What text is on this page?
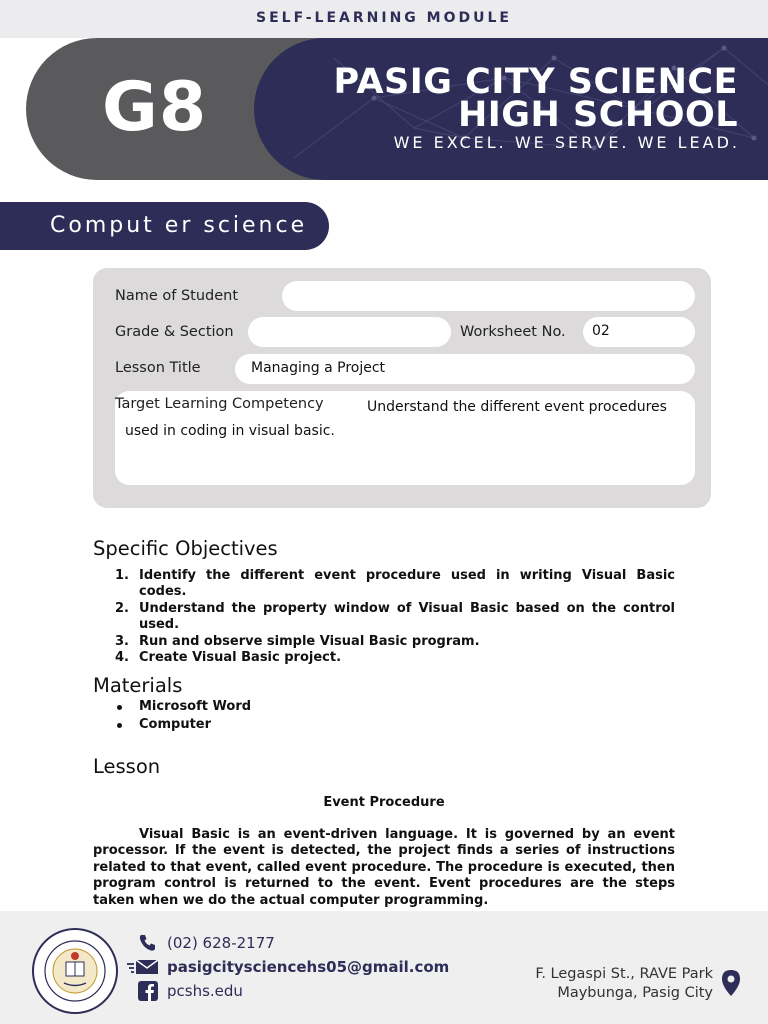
SELF-LEARNING MODULE
G8	PASIG CITY SCIENCE
HIGH SCHOOL
WE EXCEL. WE SERVE. WE LEAD.
Comput er science
Name of Student
Grade & Section	Worksheet No.	02
Lesson Title	Managing a Project
Target Learning Competency	Understand the different event procedures
used in coding in visual basic.
Specific Objectives
1. Identify the different event procedure used in writing Visual Basic codes.
2. Understand the property window of Visual Basic based on the control used.
3. Run and observe simple Visual Basic program.
4. Create Visual Basic project.
Materials
Microsoft Word
Computer
Lesson
Event Procedure

Visual Basic is an event-driven language. It is governed by an event processor. If the event is detected, the project finds a series of instructions related to that event, called event procedure. The procedure is executed, then program control is returned to the event. Event procedures are the steps taken when we do the actual computer programming.

(02) 628-2177
pasigcitysciencehs05@gmail.com
pcshs.edu
F. Legaspi St., RAVE Park
Maybunga, Pasig City
